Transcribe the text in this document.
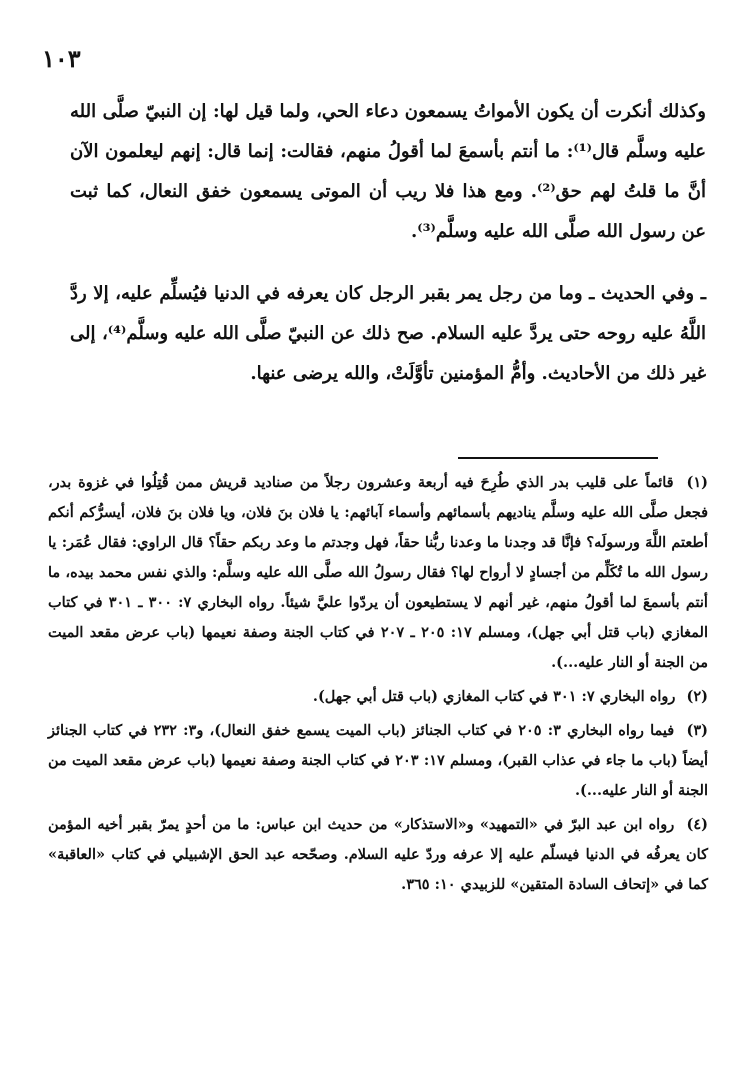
١٠٣

وكذلك أنكرت أن يكون الأمواتُ يسمعون دعاء الحي، ولما قيل لها: إن النبيّ صلَّى الله عليه وسلَّم قال⁽¹⁾: ما أنتم بأسمعَ لما أقولُ منهم، فقالت: إنما قال: إنهم ليعلمون الآن أنَّ ما قلتُ لهم حق⁽²⁾. ومع هذا فلا ريب أن الموتى يسمعون خفق النعال، كما ثبت عن رسول الله صلَّى الله عليه وسلَّم⁽³⁾.

ـ وفي الحديث ـ وما من رجل يمر بقبر الرجل كان يعرفه في الدنيا فيُسلِّم عليه، إلا ردَّ اللَّهُ عليه روحه حتى يردَّ عليه السلام. صح ذلك عن النبيّ صلَّى الله عليه وسلَّم⁽⁴⁾، إلى غير ذلك من الأحاديث. وأمُّ المؤمنين تأوَّلَتْ، والله يرضى عنها.

(١) قائماً على قليب بدر الذي طُرِحَ فيه أربعة وعشرون رجلاً من صناديد قريش ممن قُتِلُوا في غزوة بدر، فجعل صلَّى الله عليه وسلَّم يناديهم بأسمائهم وأسماء آبائهم: يا فلان بنَ فلان، ويا فلان بنَ فلان، أيسرُّكم أنكم أطعتم اللَّهَ ورسولَه؟ فإنَّا قد وجدنا ما وعدنا ربُّنا حقاً، فهل وجدتم ما وعد ربكم حقاً؟ قال الراوي: فقال عُمَر: يا رسول الله ما تُكَلِّم من أجسادٍ لا أرواح لها؟ فقال رسولُ الله صلَّى الله عليه وسلَّم: والذي نفس محمد بيده، ما أنتم بأسمعَ لما أقولُ منهم، غير أنهم لا يستطيعون أن يردّوا عليَّ شيئاً. رواه البخاري ٧: ٣٠٠ ـ ٣٠١ في كتاب المغازي (باب قتل أبي جهل)، ومسلم ١٧: ٢٠٥ ـ ٢٠٧ في كتاب الجنة وصفة نعيمها (باب عرض مقعد الميت من الجنة أو النار عليه...).

(٢) رواه البخاري ٧: ٣٠١ في كتاب المغازي (باب قتل أبي جهل).

(٣) فيما رواه البخاري ٣: ٢٠٥ في كتاب الجنائز (باب الميت يسمع خفق النعال)، و٣: ٢٣٢ في كتاب الجنائز أيضاً (باب ما جاء في عذاب القبر)، ومسلم ١٧: ٢٠٣ في كتاب الجنة وصفة نعيمها (باب عرض مقعد الميت من الجنة أو النار عليه...).

(٤) رواه ابن عبد البرّ في «التمهيد» و«الاستذكار» من حديث ابن عباس: ما من أحدٍ يمرّ بقبر أخيه المؤمن كان يعرفُه في الدنيا فيسلّم عليه إلا عرفه وردّ عليه السلام. وصحّحه عبد الحق الإشبيلي في كتاب «العاقبة» كما في «إتحاف السادة المتقين» للزبيدي ١٠: ٣٦٥.
